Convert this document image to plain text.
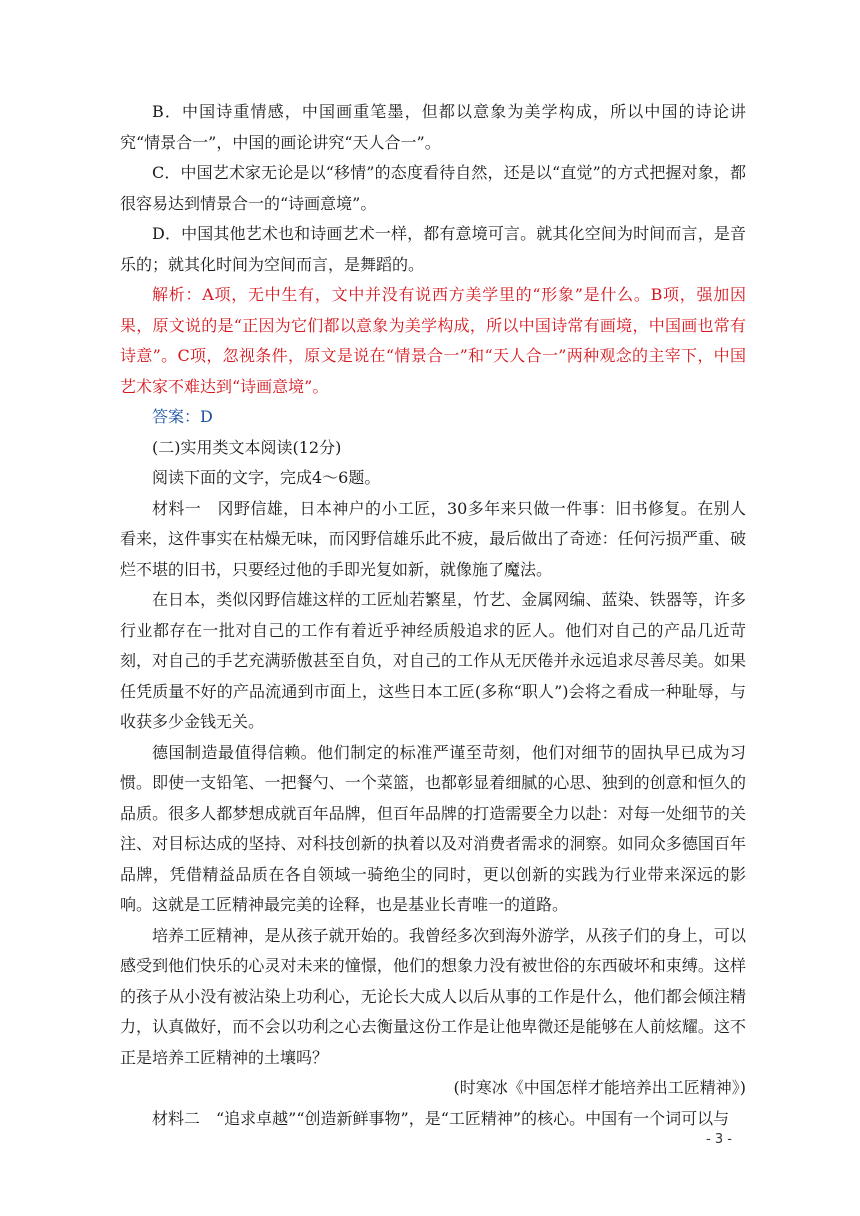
B．中国诗重情感，中国画重笔墨，但都以意象为美学构成，所以中国的诗论讲究“情景合一”，中国的画论讲究“天人合一”。

C．中国艺术家无论是以“移情”的态度看待自然，还是以“直觉”的方式把握对象，都很容易达到情景合一的“诗画意境”。

D．中国其他艺术也和诗画艺术一样，都有意境可言。就其化空间为时间而言，是音乐的；就其化时间为空间而言，是舞蹈的。

解析：A项，无中生有，文中并没有说西方美学里的“形象”是什么。B项，强加因果，原文说的是“正因为它们都以意象为美学构成，所以中国诗常有画境，中国画也常有诗意”。C项，忽视条件，原文是说在“情景合一”和“天人合一”两种观念的主宰下，中国艺术家不难达到“诗画意境”。

答案：D

(二)实用类文本阅读(12分)

阅读下面的文字，完成4～6题。

材料一　冈野信雄，日本神户的小工匠，30多年来只做一件事：旧书修复。在别人看来，这件事实在枯燥无味，而冈野信雄乐此不疲，最后做出了奇迹：任何污损严重、破烂不堪的旧书，只要经过他的手即光复如新，就像施了魔法。

在日本，类似冈野信雄这样的工匠灿若繁星，竹艺、金属网编、蓝染、铁器等，许多行业都存在一批对自己的工作有着近乎神经质般追求的匠人。他们对自己的产品几近苛刻，对自己的手艺充满骄傲甚至自负，对自己的工作从无厌倦并永远追求尽善尽美。如果任凭质量不好的产品流通到市面上，这些日本工匠(多称“职人”)会将之看成一种耻辱，与收获多少金钱无关。

德国制造最值得信赖。他们制定的标准严谨至苛刻，他们对细节的固执早已成为习惯。即使一支铅笔、一把餐勺、一个菜篮，也都彰显着细腻的心思、独到的创意和恒久的品质。很多人都梦想成就百年品牌，但百年品牌的打造需要全力以赴：对每一处细节的关注、对目标达成的坚持、对科技创新的执着以及对消费者需求的洞察。如同众多德国百年品牌，凭借精益品质在各自领域一骑绝尘的同时，更以创新的实践为行业带来深远的影响。这就是工匠精神最完美的诠释，也是基业长青唯一的道路。

培养工匠精神，是从孩子就开始的。我曾经多次到海外游学，从孩子们的身上，可以感受到他们快乐的心灵对未来的憧憬，他们的想象力没有被世俗的东西破坏和束缚。这样的孩子从小没有被沾染上功利心，无论长大成人以后从事的工作是什么，他们都会倾注精力，认真做好，而不会以功利之心去衡量这份工作是让他卑微还是能够在人前炫耀。这不正是培养工匠精神的土壤吗？

(时寒冰《中国怎样才能培养出工匠精神》)

材料二　“追求卓越”“创造新鲜事物”，是“工匠精神”的核心。中国有一个词可以与

- 3 -
